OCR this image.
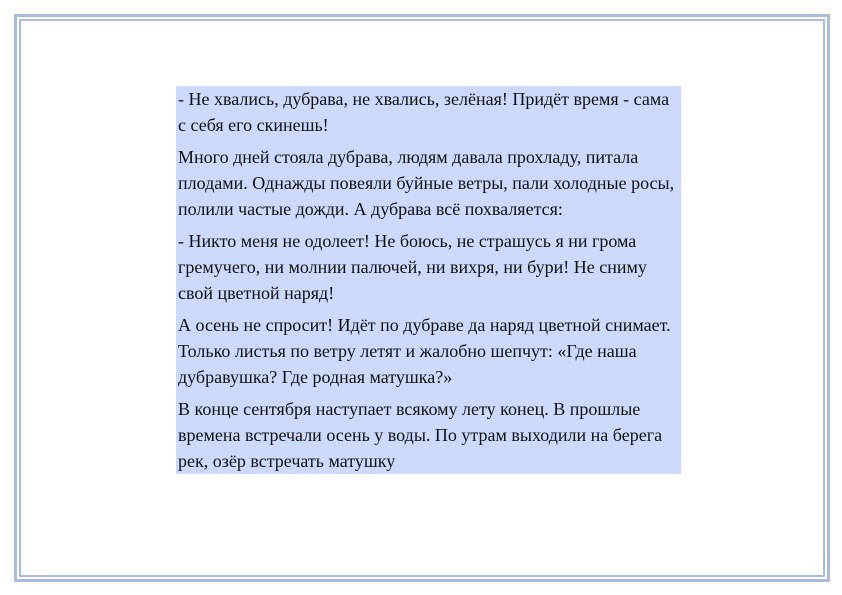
- Не хвались, дубрава, не хвались, зелёная! Придёт время - сама с себя его скинешь!

Много дней стояла дубрава, людям давала прохладу, питала плодами. Однажды повеяли буйные ветры, пали холодные росы, полили частые дожди. А дубрава всё похваляется:

- Никто меня не одолеет! Не боюсь, не страшусь я ни грома гремучего, ни молнии палючей, ни вихря, ни бури! Не сниму свой цветной наряд!

А осень не спросит! Идёт по дубраве да наряд цветной снимает. Только листья по ветру летят и жалобно шепчут: «Где наша дубравушка? Где родная матушка?»

В конце сентября наступает всякому лету конец. В прошлые времена встречали осень у воды. По утрам выходили на берега рек, озёр встречать матушку
